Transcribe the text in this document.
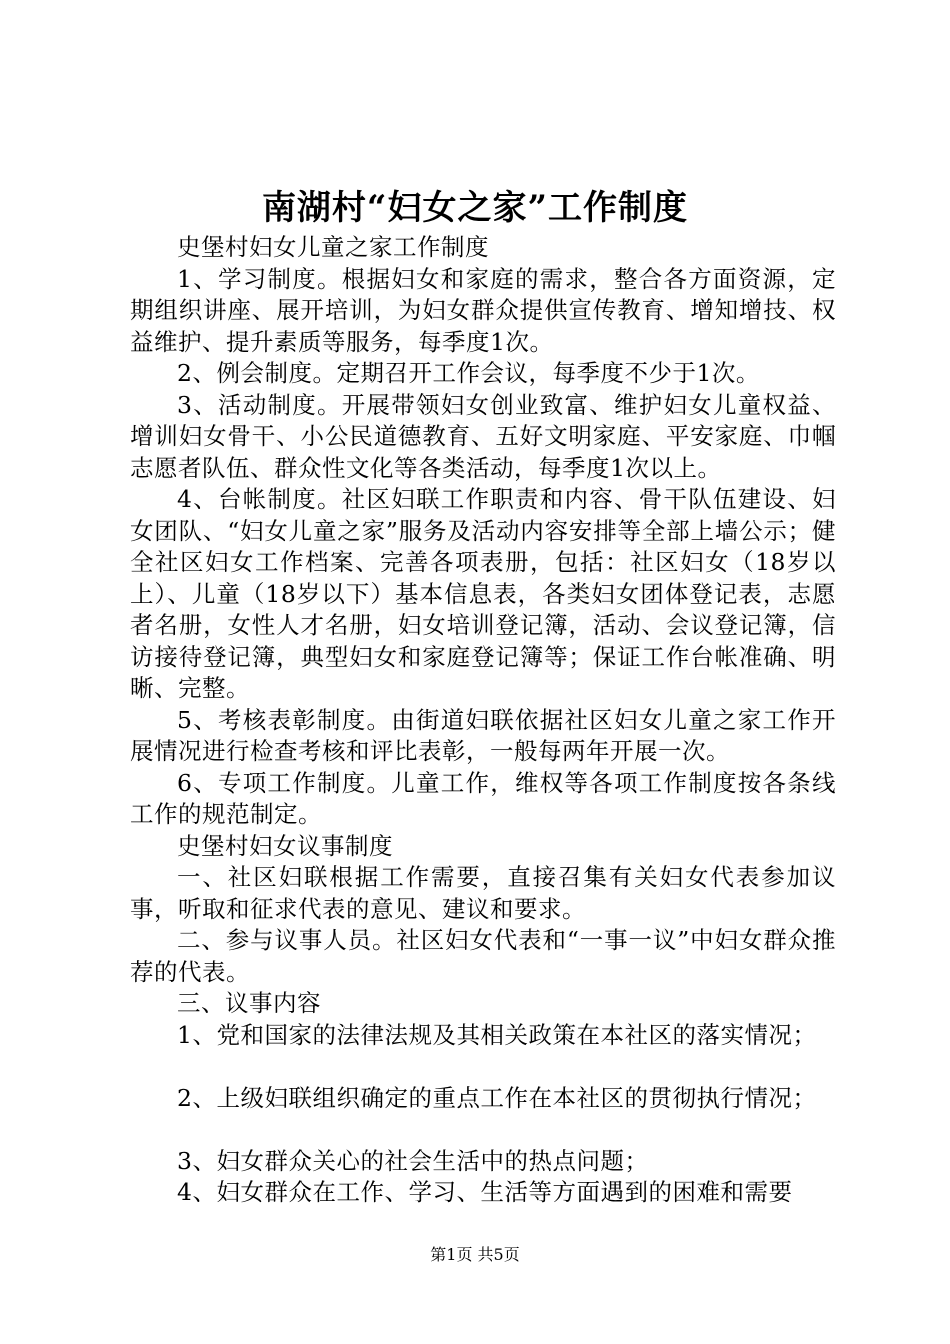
南湖村“妇女之家”工作制度

史堡村妇女儿童之家工作制度

1、学习制度。根据妇女和家庭的需求，整合各方面资源，定期组织讲座、展开培训，为妇女群众提供宣传教育、增知增技、权益维护、提升素质等服务，每季度1次。

2、例会制度。定期召开工作会议，每季度不少于1次。

3、活动制度。开展带领妇女创业致富、维护妇女儿童权益、增训妇女骨干、小公民道德教育、五好文明家庭、平安家庭、巾帼志愿者队伍、群众性文化等各类活动，每季度1次以上。

4、台帐制度。社区妇联工作职责和内容、骨干队伍建设、妇女团队、“妇女儿童之家”服务及活动内容安排等全部上墙公示；健全社区妇女工作档案、完善各项表册，包括：社区妇女（18岁以上）、儿童（18岁以下）基本信息表，各类妇女团体登记表，志愿者名册，女性人才名册，妇女培训登记簿，活动、会议登记簿，信访接待登记簿，典型妇女和家庭登记簿等；保证工作台帐准确、明晰、完整。

5、考核表彰制度。由街道妇联依据社区妇女儿童之家工作开展情况进行检查考核和评比表彰，一般每两年开展一次。

6、专项工作制度。儿童工作，维权等各项工作制度按各条线工作的规范制定。

史堡村妇女议事制度

一、社区妇联根据工作需要，直接召集有关妇女代表参加议事，听取和征求代表的意见、建议和要求。

二、参与议事人员。社区妇女代表和“一事一议”中妇女群众推荐的代表。

三、议事内容

1、党和国家的法律法规及其相关政策在本社区的落实情况；

2、上级妇联组织确定的重点工作在本社区的贯彻执行情况；

3、妇女群众关心的社会生活中的热点问题；

4、妇女群众在工作、学习、生活等方面遇到的困难和需要

第1页 共5页
